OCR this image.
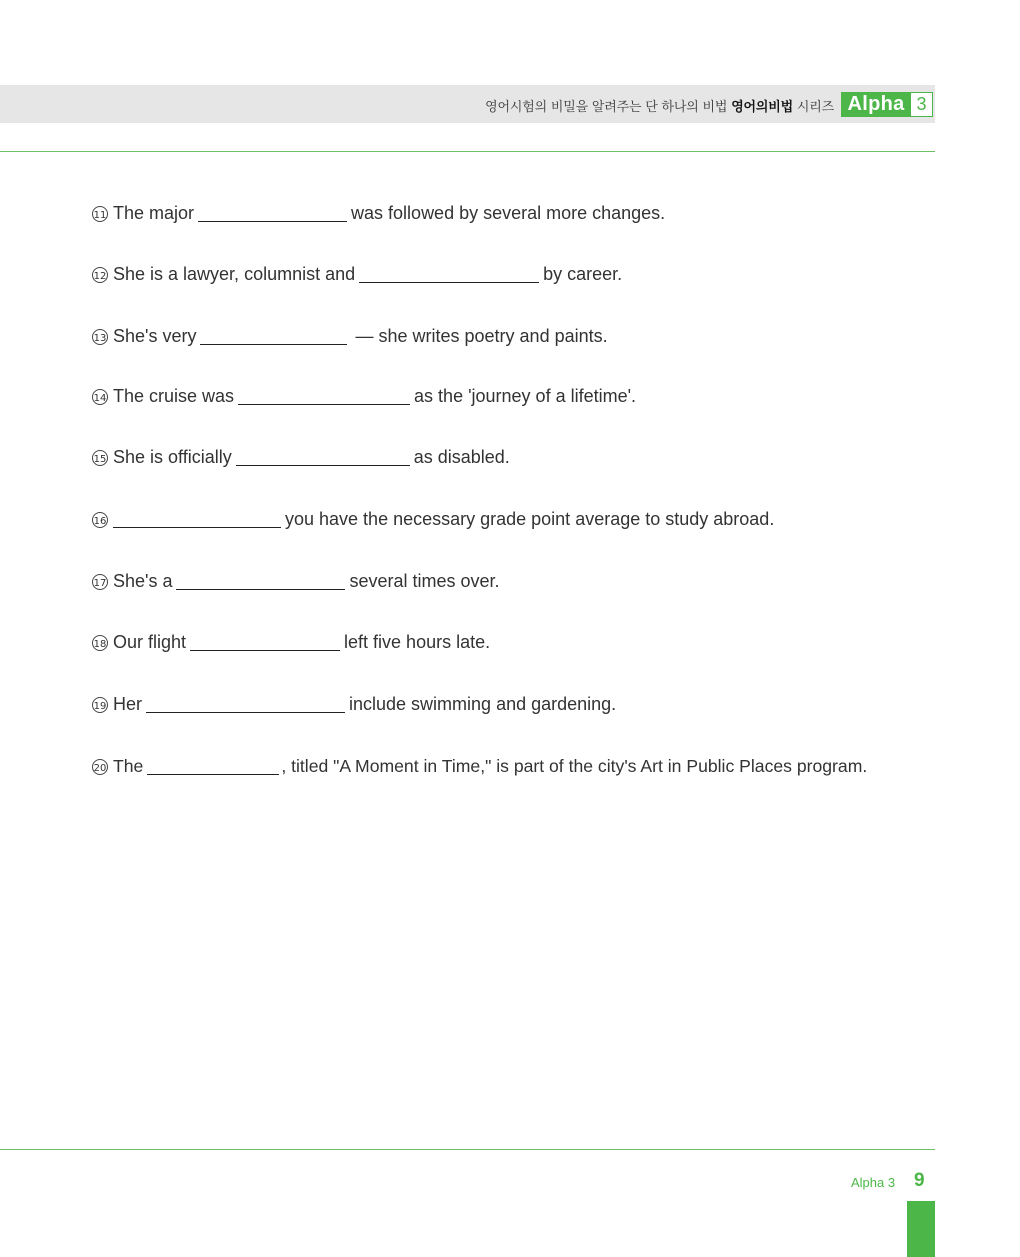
영어시험의 비밀을 알려주는 단 하나의 비법 영어의비법 시리즈 Alpha 3
11 The major	was followed by several more changes.
12 She is a lawyer, columnist and	by career.
13 She's very	— she writes poetry and paints.
14 The cruise was	as the 'journey of a lifetime'.
15 She is officially	as disabled.
16	you have the necessary grade point average to study abroad.
17 She's a	several times over.
18 Our flight	left five hours late.
19 Her	include swimming and gardening.
20 The	, titled "A Moment in Time," is part of the city's Art in Public Places program.
Alpha 3 9
